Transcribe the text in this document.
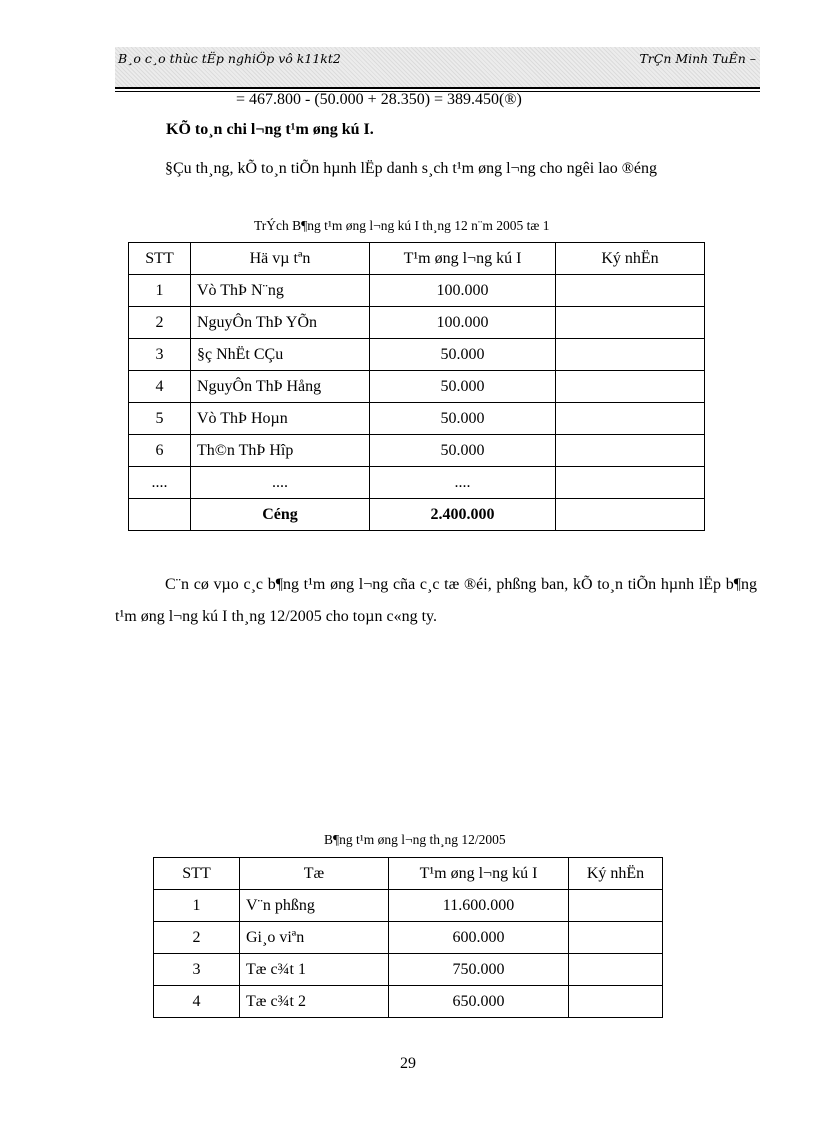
B¸o c¸o thùc tËp nghiÖp vô k11kt2	TrÇn Minh TuÊn –
= 467.800 - (50.000 + 28.350) = 389.450(®)
KÕ to¸n chi l¬ng t¹m øng kú I.

§Çu th¸ng, kÕ to¸n tiÕn hµnh lËp danh s¸ch t¹m øng l¬ng cho ngêi lao ®éng

TrÝch B¶ng t¹m øng l¬ng kú I th¸ng 12 n¨m 2005 tæ 1
STT	Hä vµ tªn	T¹m øng l¬ng kú I	Ký nhËn
1	Vò ThÞ N¨ng	100.000	
2	NguyÔn ThÞ YÕn	100.000	
3	§ç NhËt CÇu	50.000	
4	NguyÔn ThÞ Hång	50.000	
5	Vò ThÞ Hoµn	50.000	
6	Th©n ThÞ Hîp	50.000	
....	....	....	
	Céng	2.400.000	

C¨n cø vµo c¸c b¶ng t¹m øng l¬ng cña c¸c tæ ®éi, phßng ban, kÕ to¸n tiÕn hµnh lËp b¶ng t¹m øng l¬ng kú I th¸ng 12/2005 cho toµn c«ng ty.

B¶ng t¹m øng l¬ng th¸ng 12/2005
STT	Tæ	T¹m øng l¬ng kú I	Ký nhËn
1	V¨n phßng	11.600.000	
2	Gi¸o viªn	600.000	
3	Tæ c¾t 1	750.000	
4	Tæ c¾t 2	650.000	
29
